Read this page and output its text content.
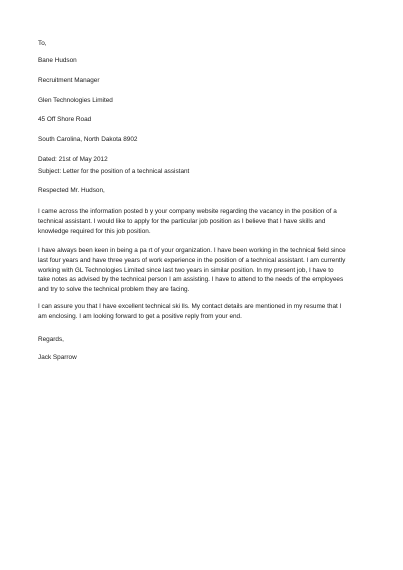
To,
Bane Hudson
Recruitment Manager
Glen Technologies Limited
45 Off Shore Road
South Carolina, North Dakota 8902
Dated: 21st of May 2012
Subject: Letter for the position of a technical assistant
Respected Mr. Hudson,
I came across the information posted b y your company website regarding the vacancy in the position of a
technical assistant. I would like to apply for the particular job position as I believe that I have skills and
knowledge required for this job position.
I have always been keen in being a pa rt of your organization. I have been working in the technical field since
last four years and have three years of work experience in the position of a technical assistant. I am currently
working with GL Technologies Limited since last two years in similar position. In my present job, I have to
take notes as advised by the technical person I am assisting. I have to attend to the needs of the employees
and try to solve the technical problem they are facing.
I can assure you that I have excellent technical ski lls. My contact details are mentioned in my resume that I
am enclosing. I am looking forward to get a positive reply from your end.
Regards,
Jack Sparrow
